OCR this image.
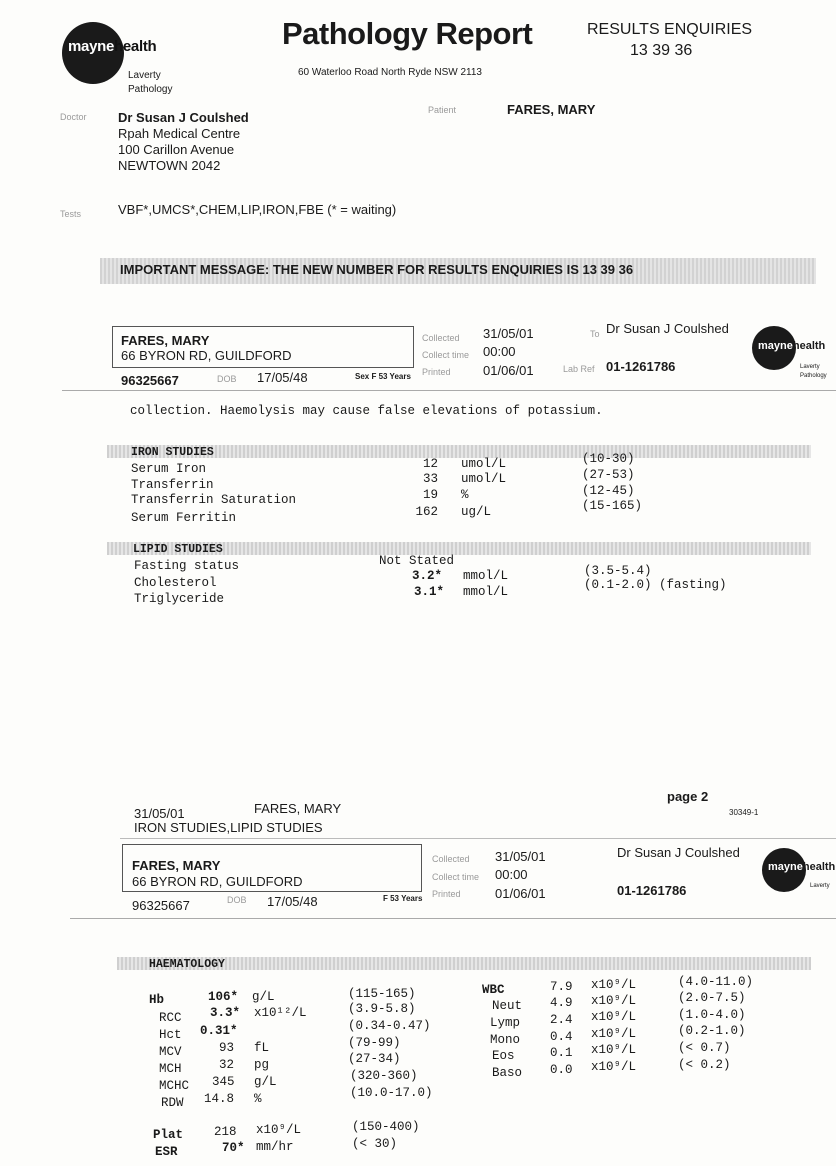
maynehealth
Laverty
Pathology
Pathology Report
60 Waterloo Road North Ryde NSW 2113
RESULTS ENQUIRIES
13 39 36
Doctor Dr Susan J Coulshed
Rpah Medical Centre
100 Carillon Avenue
NEWTOWN 2042
Patient	FARES, MARY
Tests	VBF*,UMCS*,CHEM,LIP,IRON,FBE (* = waiting)
IMPORTANT MESSAGE: THE NEW NUMBER FOR RESULTS ENQUIRIES IS 13 39 36
FARES, MARY
66 BYRON RD, GUILDFORD
96325667	DOB 17/05/48	Sex F 53 Years
Collected 31/05/01
Collect time 00:00
Printed 01/06/01
To Dr Susan J Coulshed
Lab Ref 01-1261786
maynehealth
Laverty
Pathology
collection. Haemolysis may cause false elevations of potassium.
IRON STUDIES
Serum Iron	12 umol/L	(10-30)
Transferrin	33 umol/L	(27-53)
Transferrin Saturation	19 %	(12-45)
Serum Ferritin	162 ug/L	(15-165)
LIPID STUDIES
Fasting status	Not Stated
Cholesterol	3.2* mmol/L	(3.5-5.4)
Triglyceride	3.1* mmol/L	(0.1-2.0) (fasting)
31/05/01	FARES, MARY
page 2
IRON STUDIES,LIPID STUDIES
30349-1
FARES, MARY
66 BYRON RD, GUILDFORD
96325667	DOB 17/05/48	F 53 Years
Collected 31/05/01
Collect time 00:00
Printed	01/06/01
Dr Susan J Coulshed
01-1261786
maynehealth
Laverty
HAEMATOLOGY
Hb	106* g/L	(115-165)
RCC 3.3* x10¹²/L	(3.9-5.8)
Hct 0.31*	(0.34-0.47)
MCV	93 fL	(79-99)
MCH	32 pg	(27-34)
MCHC 345 g/L	(320-360)
RDW 14.8 %	(10.0-17.0)
WBC	7.9 x10⁹/L	(4.0-11.0)
Neut 4.9 x10⁹/L	(2.0-7.5)
Lymp 2.4 x10⁹/L	(1.0-4.0)
Mono 0.4 x10⁹/L	(0.2-1.0)
Eos	0.1 x10⁹/L	(< 0.7)
Baso 0.0 x10⁹/L	(< 0.2)
Plat 218 x10⁹/L	(150-400)
ESR	70* mm/hr	(< 30)
